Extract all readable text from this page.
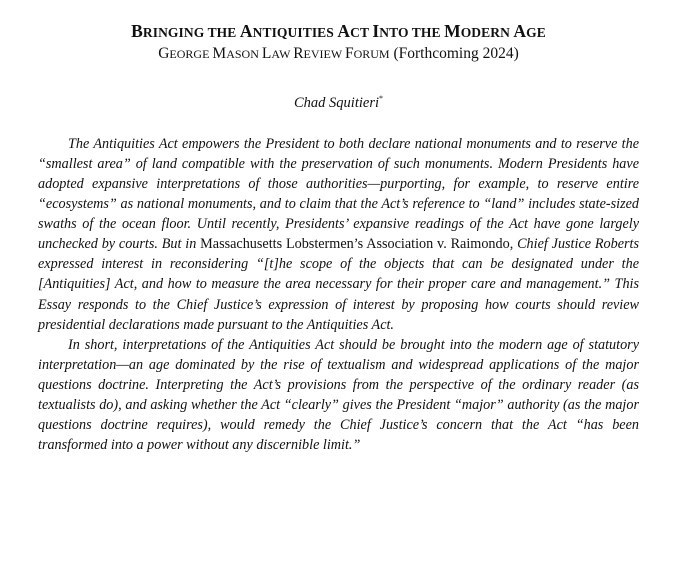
BRINGING THE ANTIQUITIES ACT INTO THE MODERN AGE

GEORGE MASON LAW REVIEW FORUM (Forthcoming 2024)

Chad Squitieri*

The Antiquities Act empowers the President to both declare national monuments and to reserve the “smallest area” of land compatible with the preservation of such monuments. Modern Presidents have adopted expansive interpretations of those authorities—purporting, for example, to reserve entire “ecosystems” as national monuments, and to claim that the Act’s reference to “land” includes state-sized swaths of the ocean floor. Until recently, Presidents’ expansive readings of the Act have gone largely unchecked by courts. But in Massachusetts Lobstermen’s Association v. Raimondo, Chief Justice Roberts expressed interest in reconsidering “[t]he scope of the objects that can be designated under the [Antiquities] Act, and how to measure the area necessary for their proper care and management.” This Essay responds to the Chief Justice’s expression of interest by proposing how courts should review presidential declarations made pursuant to the Antiquities Act.

In short, interpretations of the Antiquities Act should be brought into the modern age of statutory interpretation—an age dominated by the rise of textualism and widespread applications of the major questions doctrine. Interpreting the Act’s provisions from the perspective of the ordinary reader (as textualists do), and asking whether the Act “clearly” gives the President “major” authority (as the major questions doctrine requires), would remedy the Chief Justice’s concern that the Act “has been transformed into a power without any discernible limit.”
